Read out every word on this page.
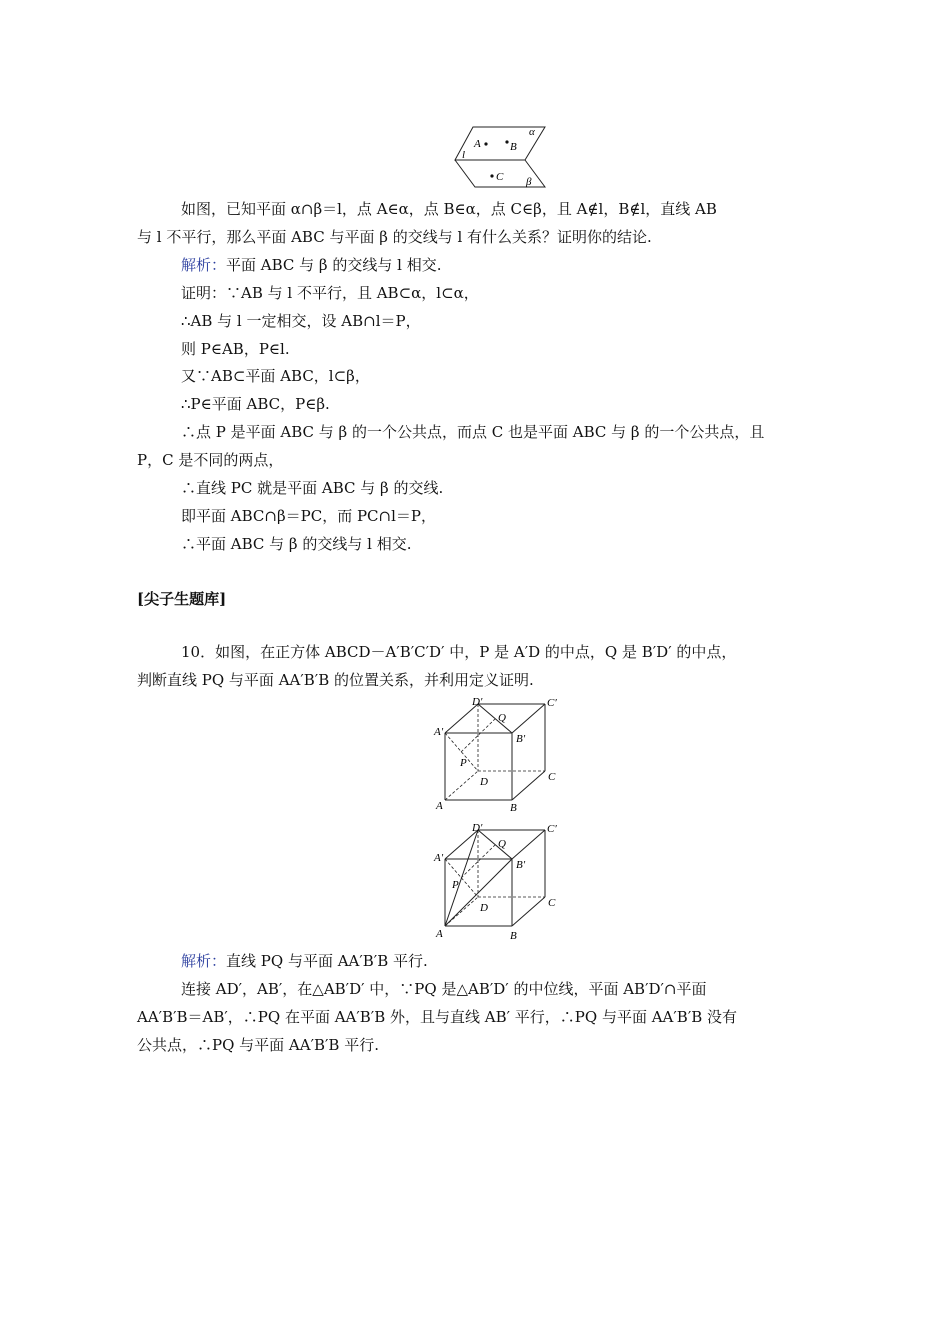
A	B
C
l
α
β
如图，已知平面 α∩β＝l，点 A∈α，点 B∈α，点 C∈β，且 A∉l，B∉l，直线 AB
与 l 不平行，那么平面 ABC 与平面 β 的交线与 l 有什么关系？证明你的结论.
解析：平面 ABC 与 β 的交线与 l 相交.
证明：∵AB 与 l 不平行，且 AB⊂α，l⊂α，
∴AB 与 l 一定相交，设 AB∩l＝P，
则 P∈AB，P∈l.
又∵AB⊂平面 ABC，l⊂β，
∴P∈平面 ABC，P∈β.
∴点 P 是平面 ABC 与 β 的一个公共点，而点 C 也是平面 ABC 与 β 的一个公共点，且
P，C 是不同的两点，
∴直线 PC 就是平面 ABC 与 β 的交线.
即平面 ABC∩β＝PC，而 PC∩l＝P，
∴平面 ABC 与 β 的交线与 l 相交.
[尖子生题库]
10．如图，在正方体 ABCD－A′B′C′D′ 中，P 是 A′D 的中点，Q 是 B′D′ 的中点，
判断直线 PQ 与平面 AA′B′B 的位置关系，并利用定义证明.
D′	C′
Q
A′
B′
P
D	C
A	B
D′	C′
Q
A′
B′
P
D	C
A	B
解析：直线 PQ 与平面 AA′B′B 平行.
连接 AD′，AB′，在△AB′D′ 中，∵PQ 是△AB′D′ 的中位线，平面 AB′D′∩平面
AA′B′B＝AB′，∴PQ 在平面 AA′B′B 外，且与直线 AB′ 平行，∴PQ 与平面 AA′B′B 没有
公共点，∴PQ 与平面 AA′B′B 平行.
